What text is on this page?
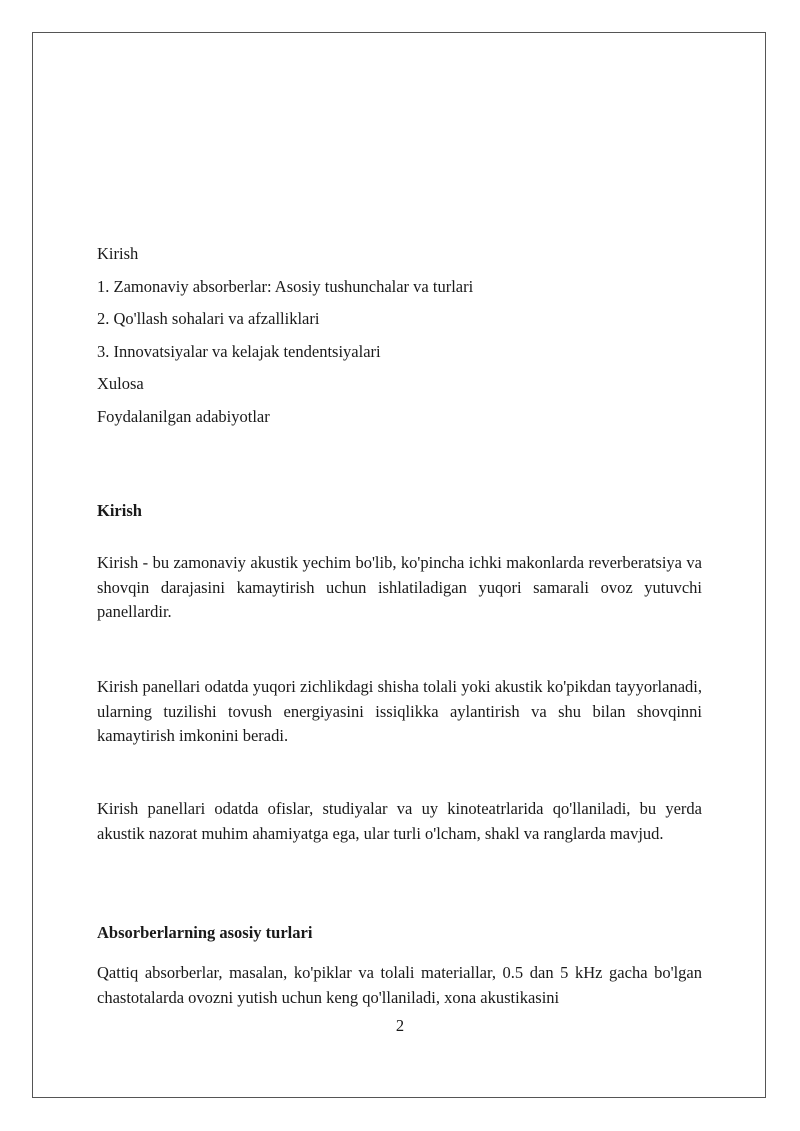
Kirish
1. Zamonaviy absorberlar: Asosiy tushunchalar va turlari
2. Qo'llash sohalari va afzalliklari
3. Innovatsiyalar va kelajak tendentsiyalari
Xulosa
Foydalanilgan adabiyotlar
Kirish
Kirish - bu zamonaviy akustik yechim bo'lib, ko'pincha ichki makonlarda reverberatsiya va shovqin darajasini kamaytirish uchun ishlatiladigan yuqori samarali ovoz yutuvchi panellardir.
Kirish panellari odatda yuqori zichlikdagi shisha tolali yoki akustik ko'pikdan tayyorlanadi, ularning tuzilishi tovush energiyasini issiqlikka aylantirish va shu bilan shovqinni kamaytirish imkonini beradi.
Kirish panellari odatda ofislar, studiyalar va uy kinoteatrlarida qo'llaniladi, bu yerda akustik nazorat muhim ahamiyatga ega, ular turli o'lcham, shakl va ranglarda mavjud.
Absorberlarning asosiy turlari
Qattiq absorberlar, masalan, ko'piklar va tolali materiallar, 0.5 dan 5 kHz gacha bo'lgan chastotalarda ovozni yutish uchun keng qo'llaniladi, xona akustikasini
2
